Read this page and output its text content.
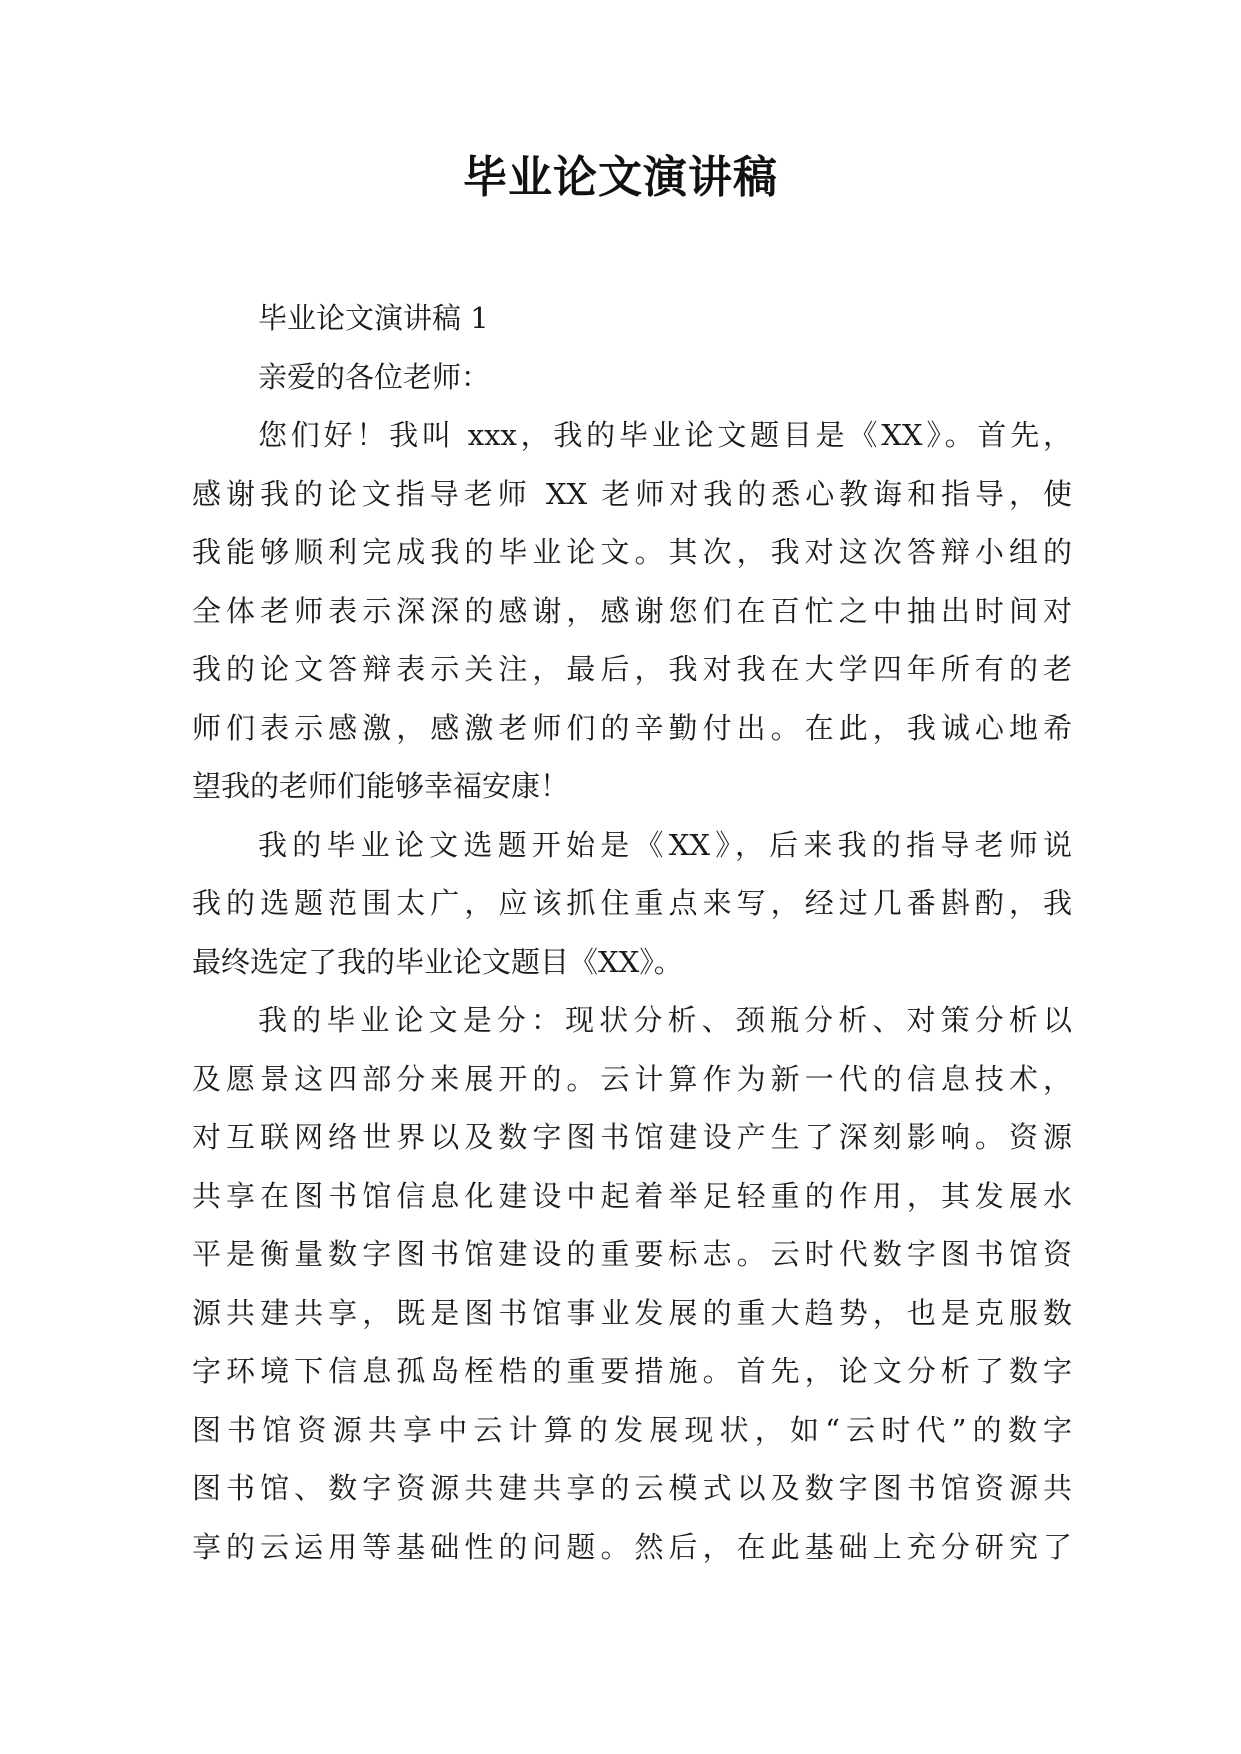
毕业论文演讲稿
毕业论文演讲稿 1
亲爱的各位老师：
您们好！我叫 xxx，我的毕业论文题目是《XX》。首先，
感谢我的论文指导老师 XX 老师对我的悉心教诲和指导，使
我能够顺利完成我的毕业论文。其次，我对这次答辩小组的
全体老师表示深深的感谢，感谢您们在百忙之中抽出时间对
我的论文答辩表示关注，最后，我对我在大学四年所有的老
师们表示感激，感激老师们的辛勤付出。在此，我诚心地希
望我的老师们能够幸福安康！
我的毕业论文选题开始是《XX》，后来我的指导老师说
我的选题范围太广，应该抓住重点来写，经过几番斟酌，我
最终选定了我的毕业论文题目《XX》。
我的毕业论文是分：现状分析、颈瓶分析、对策分析以
及愿景这四部分来展开的。云计算作为新一代的信息技术，
对互联网络世界以及数字图书馆建设产生了深刻影响。资源
共享在图书馆信息化建设中起着举足轻重的作用，其发展水
平是衡量数字图书馆建设的重要标志。云时代数字图书馆资
源共建共享，既是图书馆事业发展的重大趋势，也是克服数
字环境下信息孤岛桎梏的重要措施。首先，论文分析了数字
图书馆资源共享中云计算的发展现状，如“云时代”的数字
图书馆、数字资源共建共享的云模式以及数字图书馆资源共
享的云运用等基础性的问题。然后，在此基础上充分研究了
